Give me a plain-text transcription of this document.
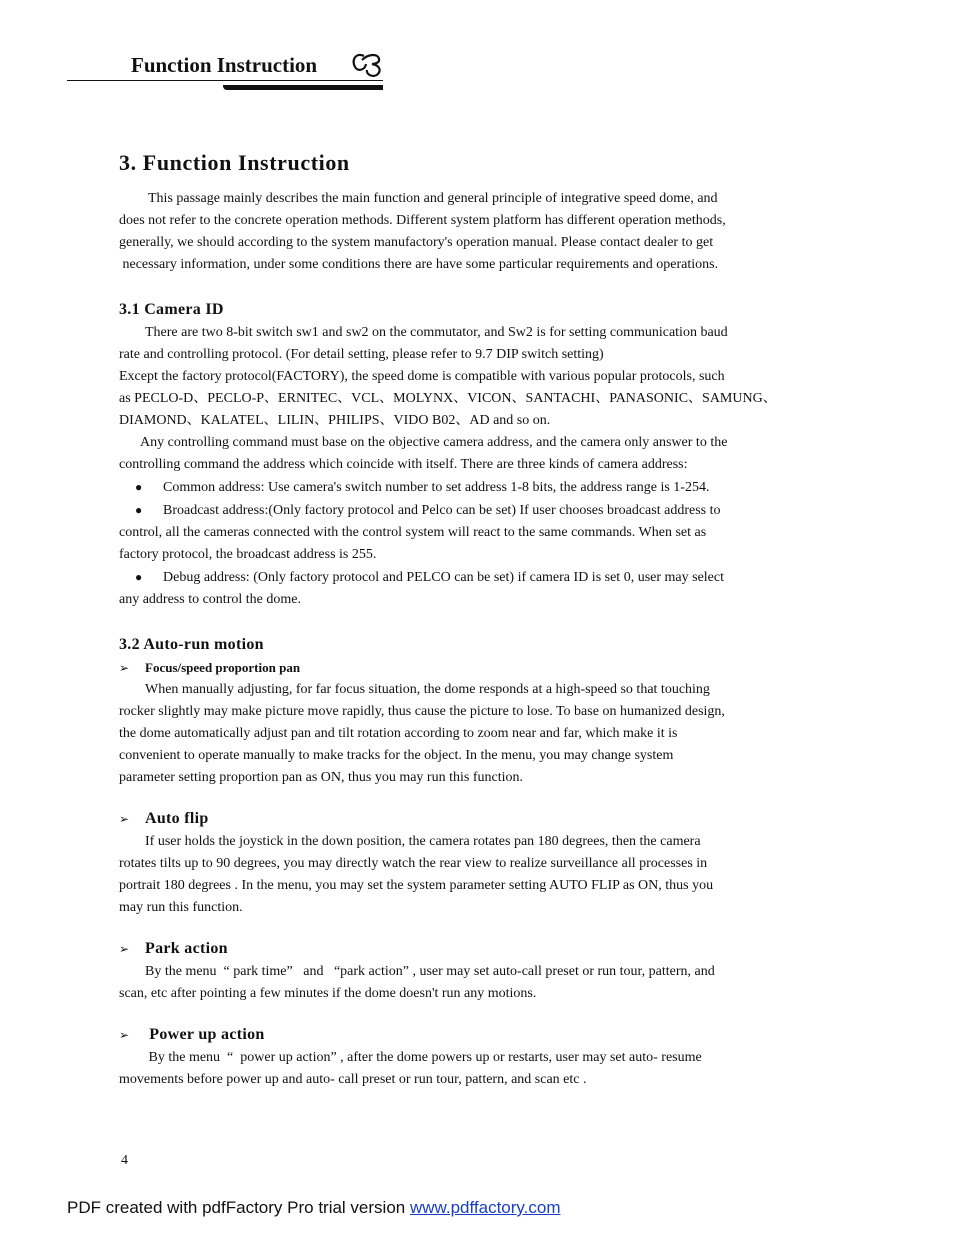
Function Instruction
3. Function Instruction

This passage mainly describes the main function and general principle of integrative speed dome, and

does not refer to the concrete operation methods. Different system platform has different operation methods,

generally, we should according to the system manufactory's operation manual. Please contact dealer to get

necessary information, under some conditions there are have some particular requirements and operations.

3.1 Camera ID

There are two 8-bit switch sw1 and sw2 on the commutator, and Sw2 is for setting communication baud

rate and controlling protocol. (For detail setting, please refer to 9.7 DIP switch setting)

Except the factory protocol(FACTORY), the speed dome is compatible with various popular protocols, such

as PECLO-D、PECLO-P、ERNITEC、VCL、MOLYNX、VICON、SANTACHI、PANASONIC、SAMUNG、

DIAMOND、KALATEL、LILIN、PHILIPS、VIDO B02、AD and so on.

Any controlling command must base on the objective camera address, and the camera only answer to the

controlling command the address which coincide with itself. There are three kinds of camera address:

● Common address: Use camera's switch number to set address 1-8 bits, the address range is 1-254.

● Broadcast address:(Only factory protocol and Pelco can be set) If user chooses broadcast address to

control, all the cameras connected with the control system will react to the same commands. When set as

factory protocol, the broadcast address is 255.

● Debug address: (Only factory protocol and PELCO can be set) if camera ID is set 0, user may select

any address to control the dome.

3.2 Auto-run motion

➢ Focus/speed proportion pan

When manually adjusting, for far focus situation, the dome responds at a high-speed so that touching

rocker slightly may make picture move rapidly, thus cause the picture to lose. To base on humanized design,

the dome automatically adjust pan and tilt rotation according to zoom near and far, which make it is

convenient to operate manually to make tracks for the object. In the menu, you may change system

parameter setting proportion pan as ON, thus you may run this function.

➢ Auto flip

If user holds the joystick in the down position, the camera rotates pan 180 degrees, then the camera

rotates tilts up to 90 degrees, you may directly watch the rear view to realize surveillance all processes in

portrait 180 degrees . In the menu, you may set the system parameter setting AUTO FLIP as ON, thus you

may run this function.

➢ Park action

By the menu  “ park time”   and   “park action” , user may set auto-call preset or run tour, pattern, and

scan, etc after pointing a few minutes if the dome doesn't run any motions.

➢ Power up action

By the menu  “  power up action” , after the dome powers up or restarts, user may set auto- resume

movements before power up and auto- call preset or run tour, pattern, and scan etc .

4
PDF created with pdfFactory Pro trial version www.pdffactory.com
